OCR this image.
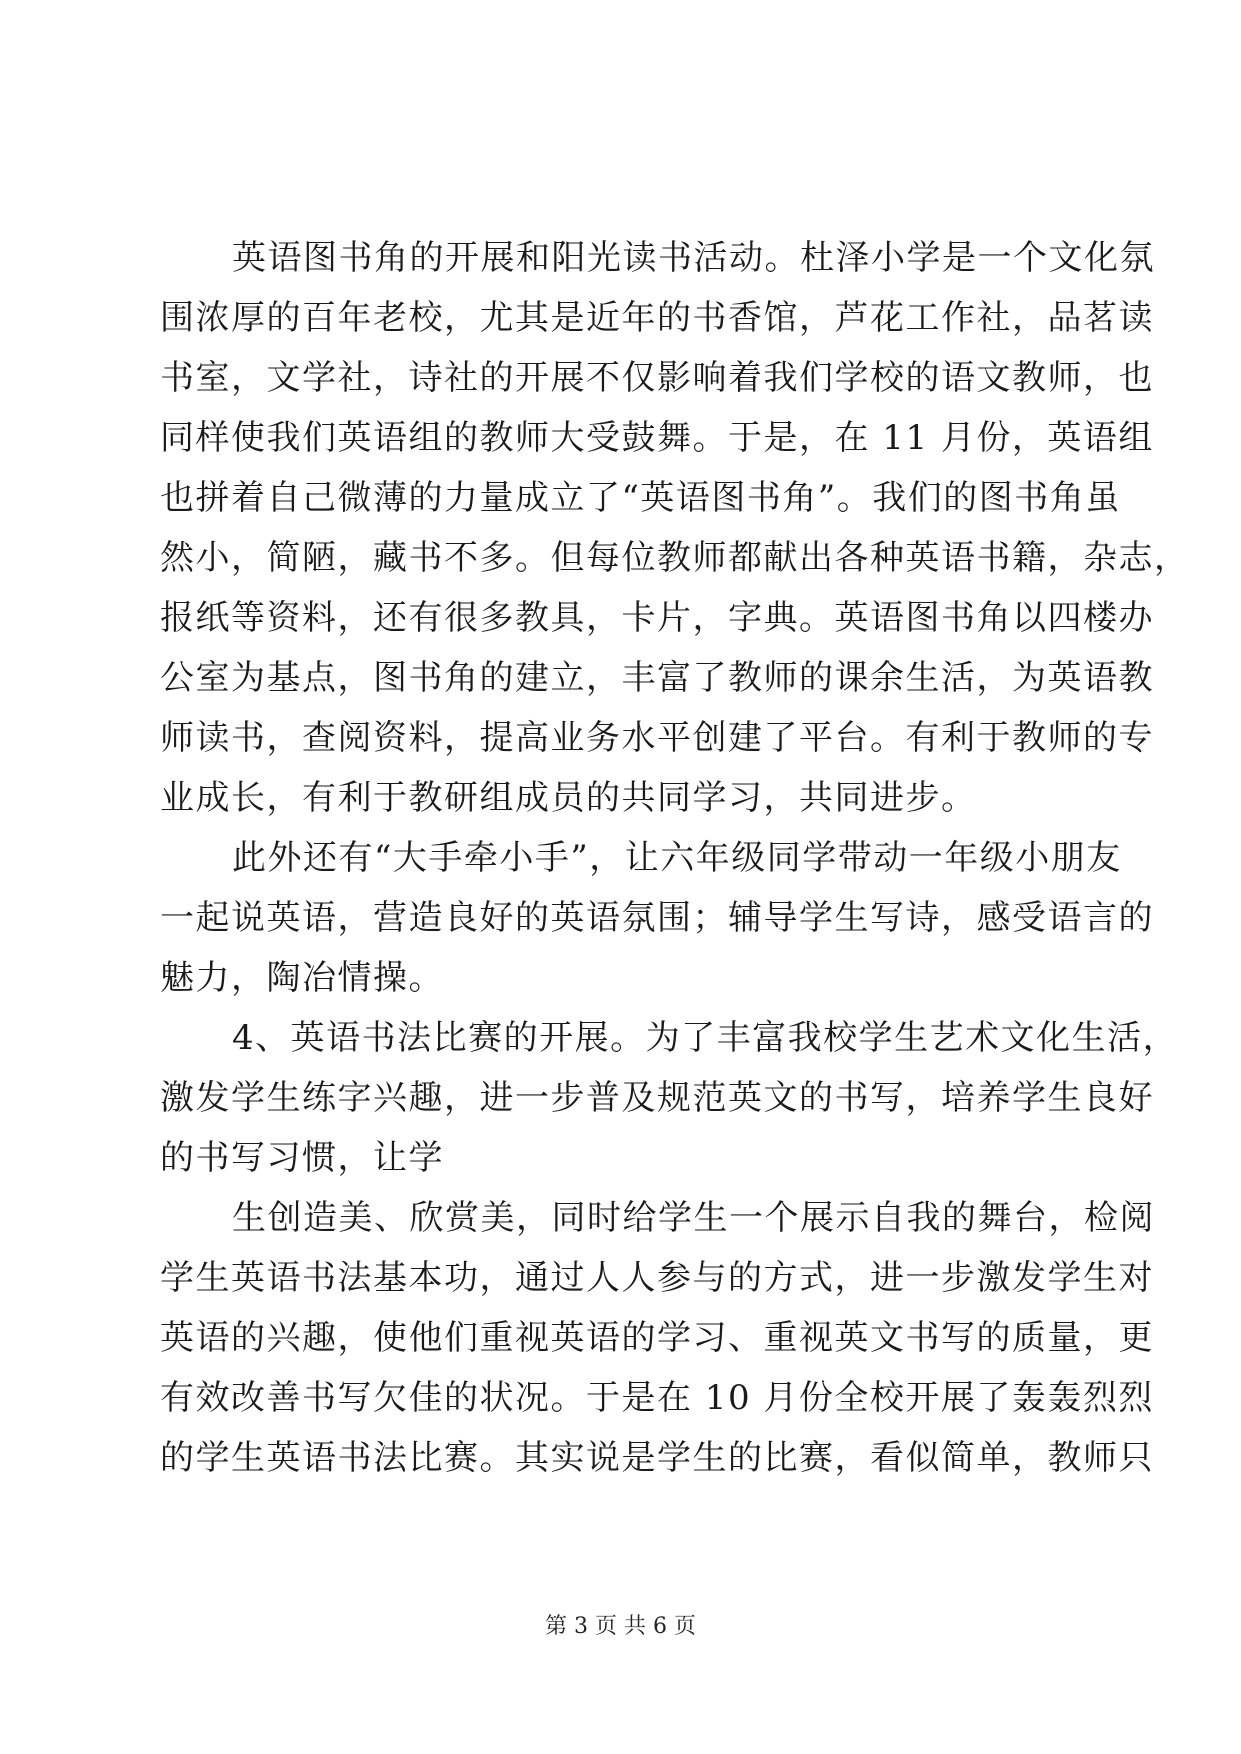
英语图书角的开展和阳光读书活动。杜泽小学是一个文化氛
围浓厚的百年老校，尤其是近年的书香馆，芦花工作社，品茗读
书室，文学社，诗社的开展不仅影响着我们学校的语文教师，也
同样使我们英语组的教师大受鼓舞。于是，在 11 月份，英语组
也拼着自己微薄的力量成立了“英语图书角”。我们的图书角虽
然小，简陋，藏书不多。但每位教师都献出各种英语书籍，杂志，
报纸等资料，还有很多教具，卡片，字典。英语图书角以四楼办
公室为基点，图书角的建立，丰富了教师的课余生活，为英语教
师读书，查阅资料，提高业务水平创建了平台。有利于教师的专
业成长，有利于教研组成员的共同学习，共同进步。
此外还有“大手牵小手”，让六年级同学带动一年级小朋友
一起说英语，营造良好的英语氛围；辅导学生写诗，感受语言的
魅力，陶冶情操。
4、英语书法比赛的开展。为了丰富我校学生艺术文化生活，
激发学生练字兴趣，进一步普及规范英文的书写，培养学生良好
的书写习惯，让学
生创造美、欣赏美，同时给学生一个展示自我的舞台，检阅
学生英语书法基本功，通过人人参与的方式，进一步激发学生对
英语的兴趣，使他们重视英语的学习、重视英文书写的质量，更
有效改善书写欠佳的状况。于是在 10 月份全校开展了轰轰烈烈
的学生英语书法比赛。其实说是学生的比赛，看似简单，教师只
第 3 页 共 6 页
